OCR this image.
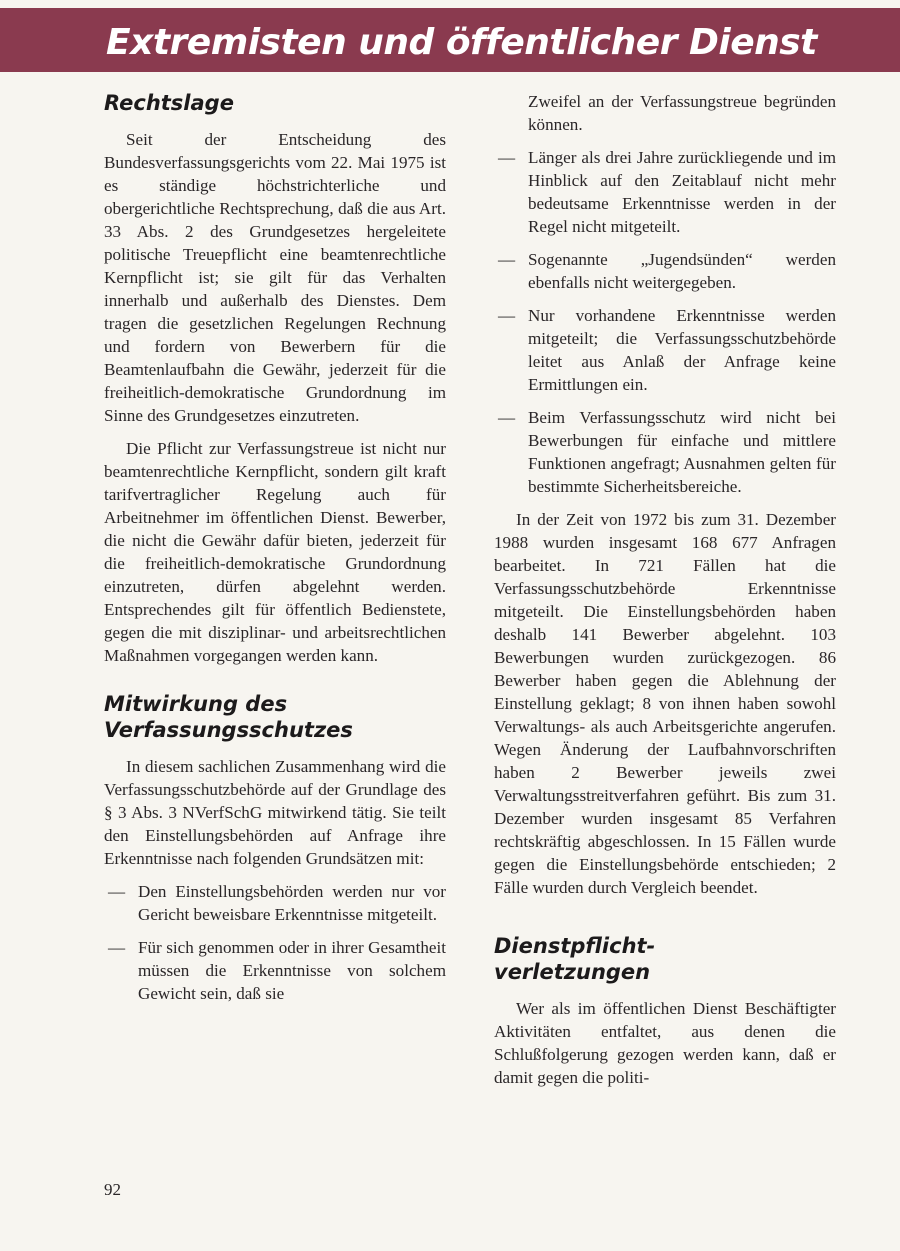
Extremisten und öffentlicher Dienst
Rechtslage

Seit der Entscheidung des Bundesverfassungsgerichts vom 22. Mai 1975 ist es ständige höchstrichterliche und obergerichtliche Rechtsprechung, daß die aus Art. 33 Abs. 2 des Grundgesetzes hergeleitete politische Treuepflicht eine beamtenrechtliche Kernpflicht ist; sie gilt für das Verhalten innerhalb und außerhalb des Dienstes. Dem tragen die gesetzlichen Regelungen Rechnung und fordern von Bewerbern für die Beamtenlaufbahn die Gewähr, jederzeit für die freiheitlich-demokratische Grundordnung im Sinne des Grundgesetzes einzutreten.

Die Pflicht zur Verfassungstreue ist nicht nur beamtenrechtliche Kernpflicht, sondern gilt kraft tarifvertraglicher Regelung auch für Arbeitnehmer im öffentlichen Dienst. Bewerber, die nicht die Gewähr dafür bieten, jederzeit für die freiheitlich-demokratische Grundordnung einzutreten, dürfen abgelehnt werden. Entsprechendes gilt für öffentlich Bedienstete, gegen die mit disziplinar- und arbeitsrechtlichen Maßnahmen vorgegangen werden kann.

Mitwirkung des
Verfassungsschutzes

In diesem sachlichen Zusammenhang wird die Verfassungsschutzbehörde auf der Grundlage des § 3 Abs. 3 NVerfSchG mitwirkend tätig. Sie teilt den Einstellungsbehörden auf Anfrage ihre Erkenntnisse nach folgenden Grundsätzen mit:

— Den Einstellungsbehörden werden nur vor Gericht beweisbare Erkenntnisse mitgeteilt.
— Für sich genommen oder in ihrer Gesamtheit müssen die Erkenntnisse von solchem Gewicht sein, daß sie

Zweifel an der Verfassungstreue begründen können.

— Länger als drei Jahre zurückliegende und im Hinblick auf den Zeitablauf nicht mehr bedeutsame Erkenntnisse werden in der Regel nicht mitgeteilt.
— Sogenannte „Jugendsünden“ werden ebenfalls nicht weitergegeben.
— Nur vorhandene Erkenntnisse werden mitgeteilt; die Verfassungsschutzbehörde leitet aus Anlaß der Anfrage keine Ermittlungen ein.
— Beim Verfassungsschutz wird nicht bei Bewerbungen für einfache und mittlere Funktionen angefragt; Ausnahmen gelten für bestimmte Sicherheitsbereiche.

In der Zeit von 1972 bis zum 31. Dezember 1988 wurden insgesamt 168 677 Anfragen bearbeitet. In 721 Fällen hat die Verfassungsschutzbehörde Erkenntnisse mitgeteilt. Die Einstellungsbehörden haben deshalb 141 Bewerber abgelehnt. 103 Bewerbungen wurden zurückgezogen. 86 Bewerber haben gegen die Ablehnung der Einstellung geklagt; 8 von ihnen haben sowohl Verwaltungs- als auch Arbeitsgerichte angerufen. Wegen Änderung der Laufbahnvorschriften haben 2 Bewerber jeweils zwei Verwaltungsstreitverfahren geführt. Bis zum 31. Dezember wurden insgesamt 85 Verfahren rechtskräftig abgeschlossen. In 15 Fällen wurde gegen die Einstellungsbehörde entschieden; 2 Fälle wurden durch Vergleich beendet.

Dienstpflicht-
verletzungen

Wer als im öffentlichen Dienst Beschäftigter Aktivitäten entfaltet, aus denen die Schlußfolgerung gezogen werden kann, daß er damit gegen die politi-

92
